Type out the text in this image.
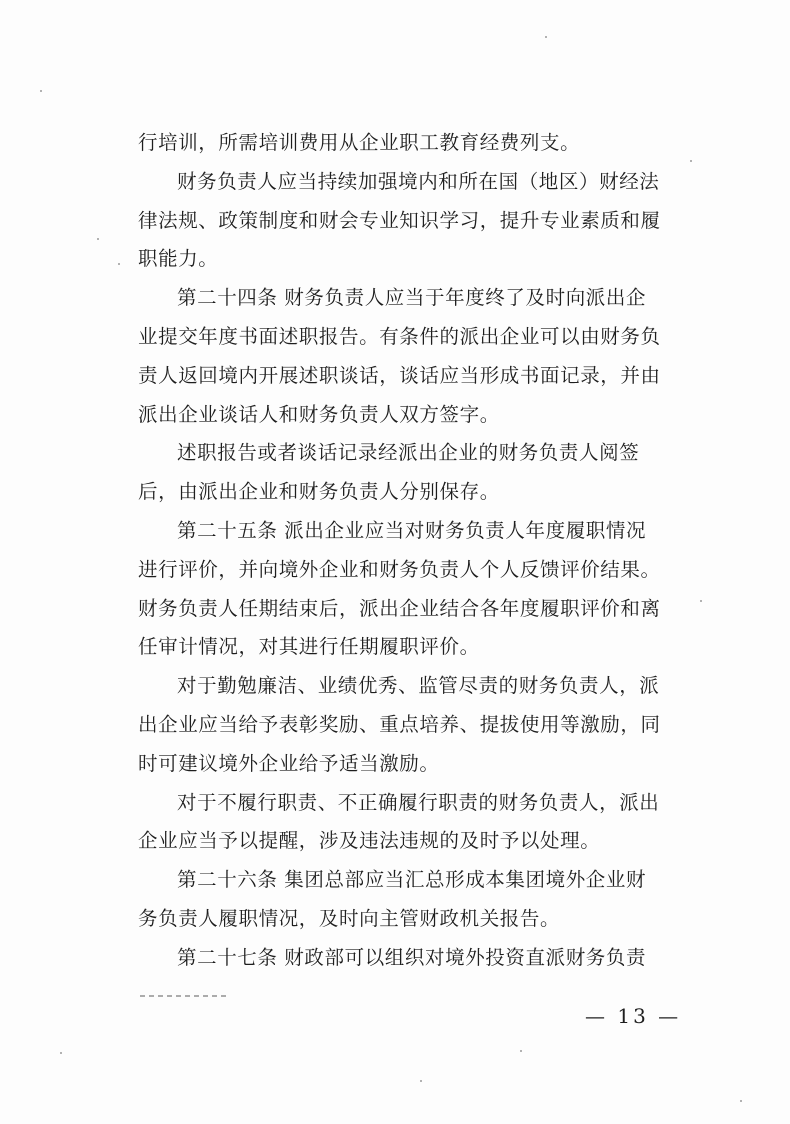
行培训，所需培训费用从企业职工教育经费列支。
财务负责人应当持续加强境内和所在国（地区）财经法
律法规、政策制度和财会专业知识学习，提升专业素质和履
职能力。
第二十四条 财务负责人应当于年度终了及时向派出企
业提交年度书面述职报告。有条件的派出企业可以由财务负
责人返回境内开展述职谈话，谈话应当形成书面记录，并由
派出企业谈话人和财务负责人双方签字。
述职报告或者谈话记录经派出企业的财务负责人阅签
后，由派出企业和财务负责人分别保存。
第二十五条 派出企业应当对财务负责人年度履职情况
进行评价，并向境外企业和财务负责人个人反馈评价结果。
财务负责人任期结束后，派出企业结合各年度履职评价和离
任审计情况，对其进行任期履职评价。
对于勤勉廉洁、业绩优秀、监管尽责的财务负责人，派
出企业应当给予表彰奖励、重点培养、提拔使用等激励，同
时可建议境外企业给予适当激励。
对于不履行职责、不正确履行职责的财务负责人，派出
企业应当予以提醒，涉及违法违规的及时予以处理。
第二十六条 集团总部应当汇总形成本集团境外企业财
务负责人履职情况，及时向主管财政机关报告。
第二十七条 财政部可以组织对境外投资直派财务负责
— 13 —
